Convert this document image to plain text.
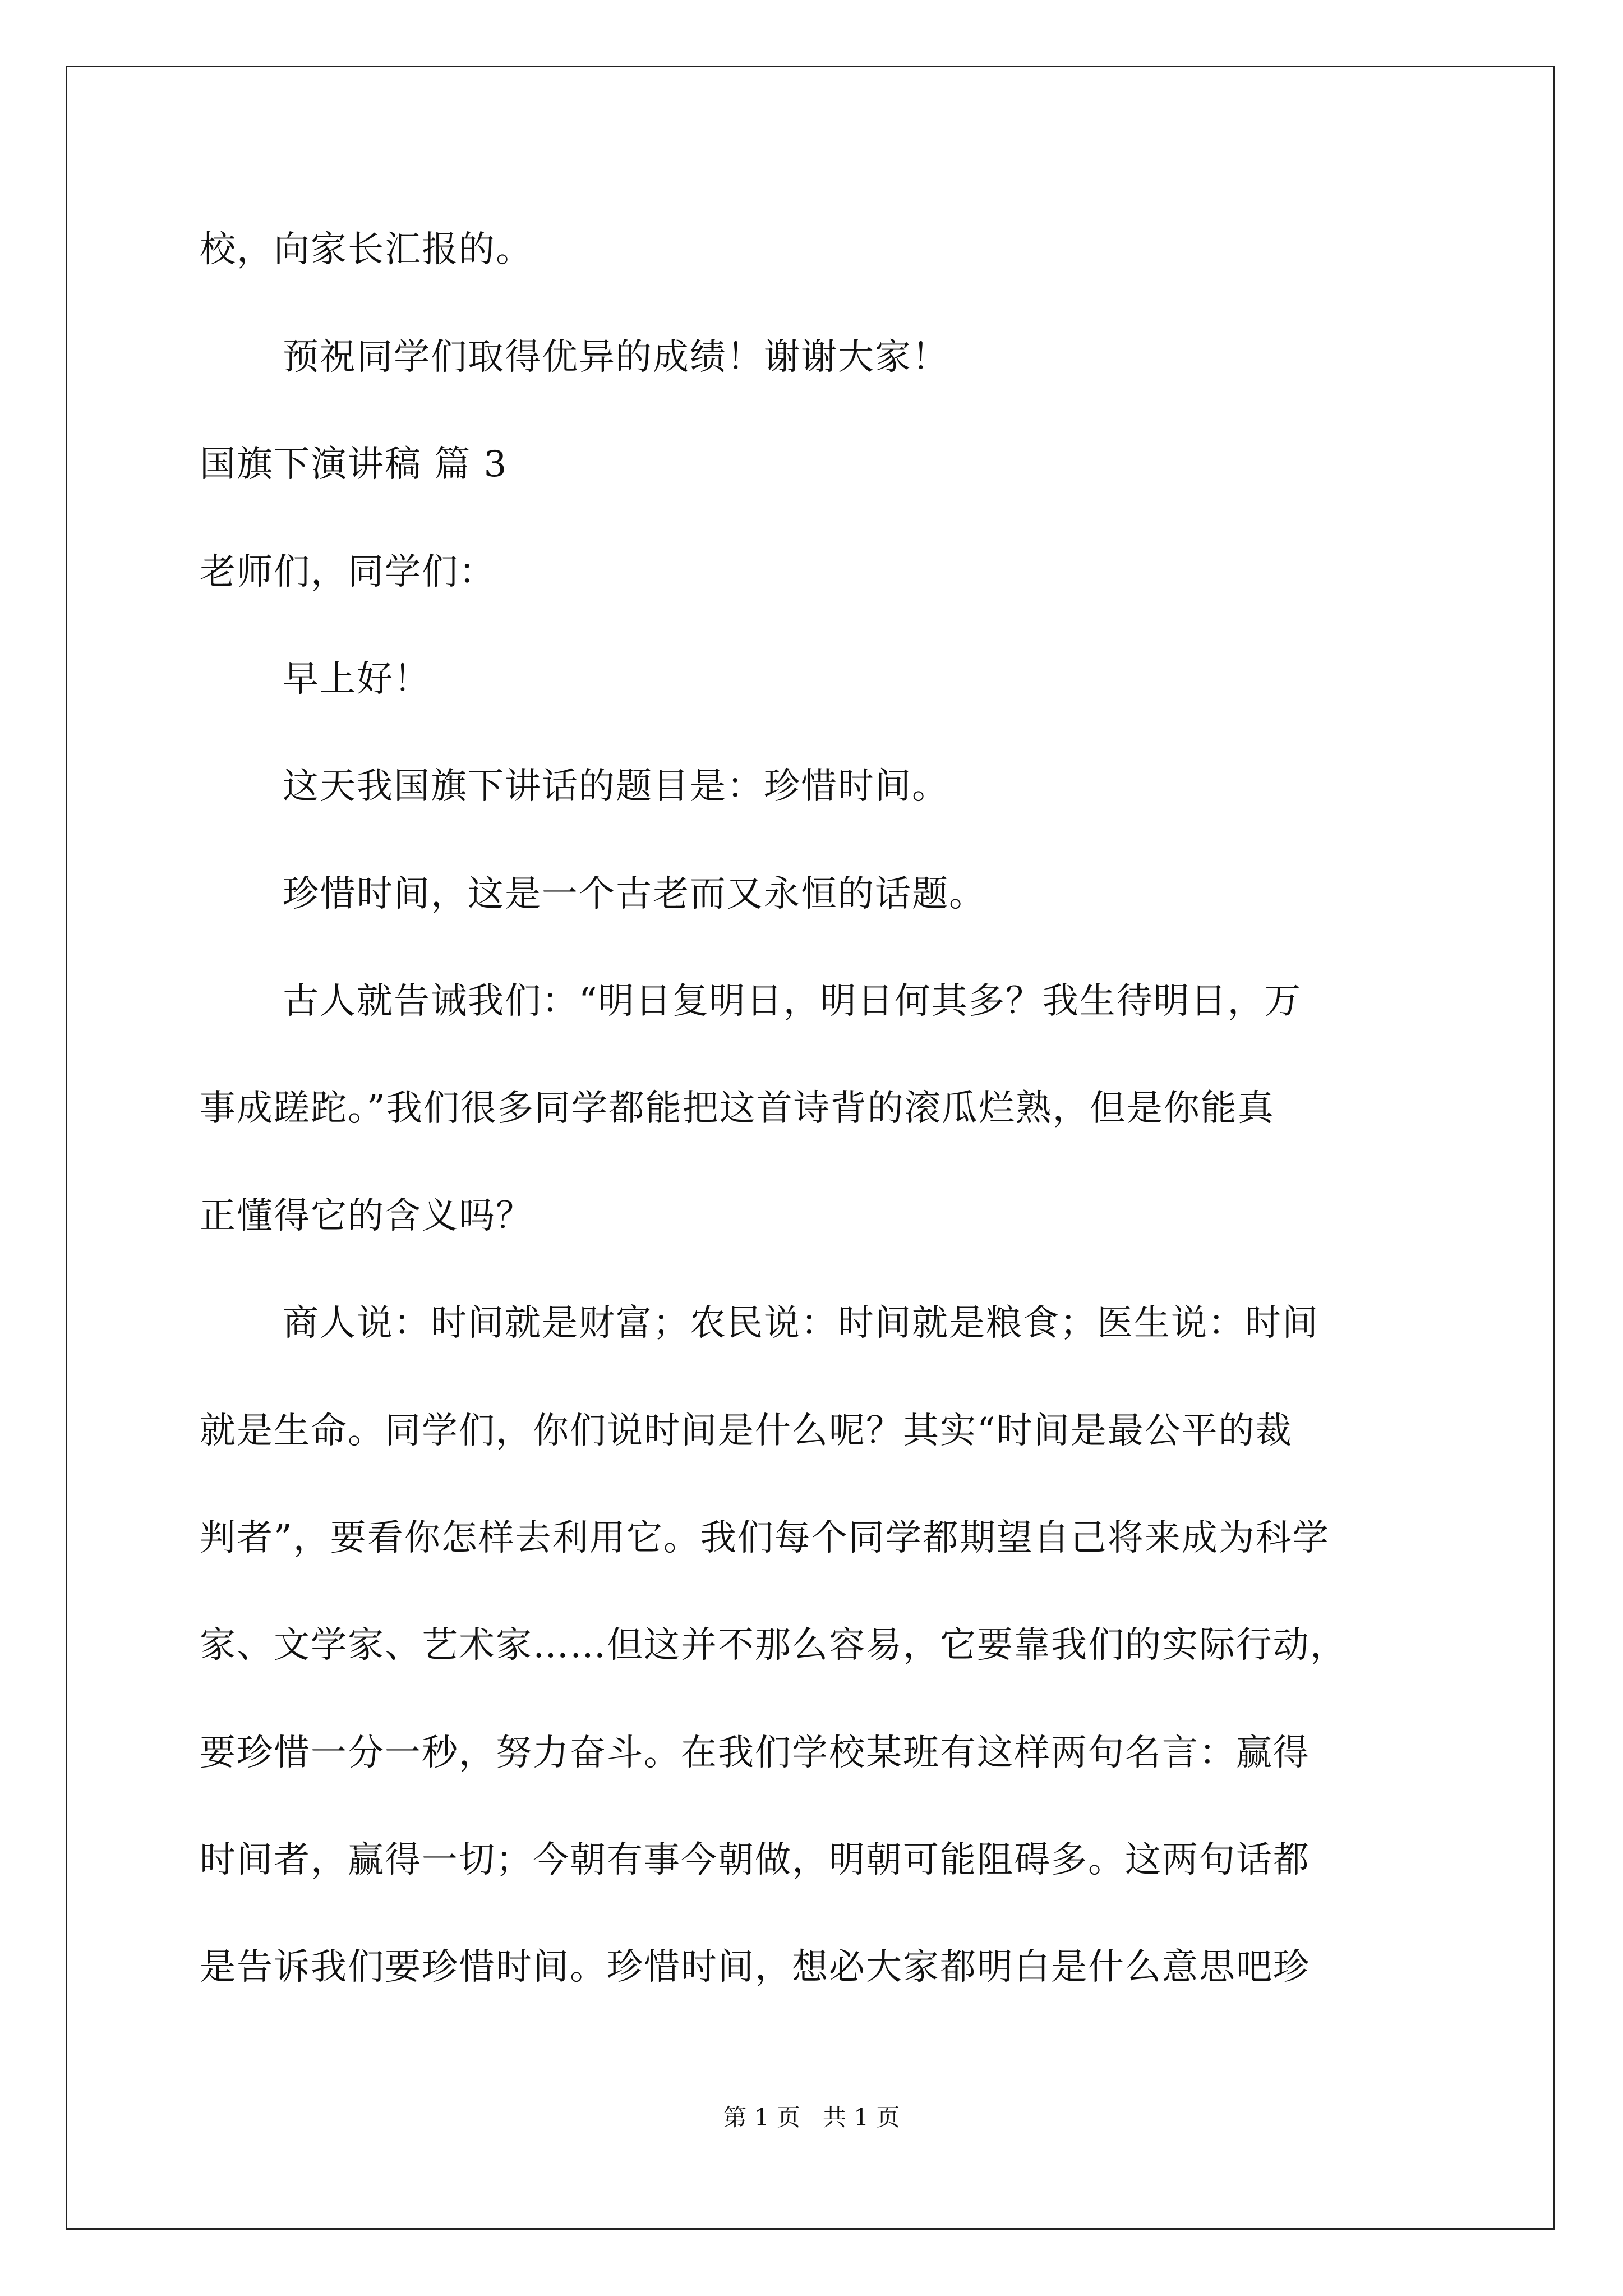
校，向家长汇报的。
预祝同学们取得优异的成绩！谢谢大家！
国旗下演讲稿 篇 3
老师们，同学们：
早上好！
这天我国旗下讲话的题目是：珍惜时间。
珍惜时间，这是一个古老而又永恒的话题。
古人就告诫我们：“明日复明日，明日何其多？我生待明日，万
事成蹉跎。”我们很多同学都能把这首诗背的滚瓜烂熟，但是你能真
正懂得它的含义吗？
商人说：时间就是财富；农民说：时间就是粮食；医生说：时间
就是生命。同学们，你们说时间是什么呢？其实“时间是最公平的裁
判者”，要看你怎样去利用它。我们每个同学都期望自己将来成为科学
家、文学家、艺术家……但这并不那么容易，它要靠我们的实际行动，
要珍惜一分一秒，努力奋斗。在我们学校某班有这样两句名言：赢得
时间者，赢得一切；今朝有事今朝做，明朝可能阻碍多。这两句话都
是告诉我们要珍惜时间。珍惜时间，想必大家都明白是什么意思吧珍
第 1 页   共 1 页
